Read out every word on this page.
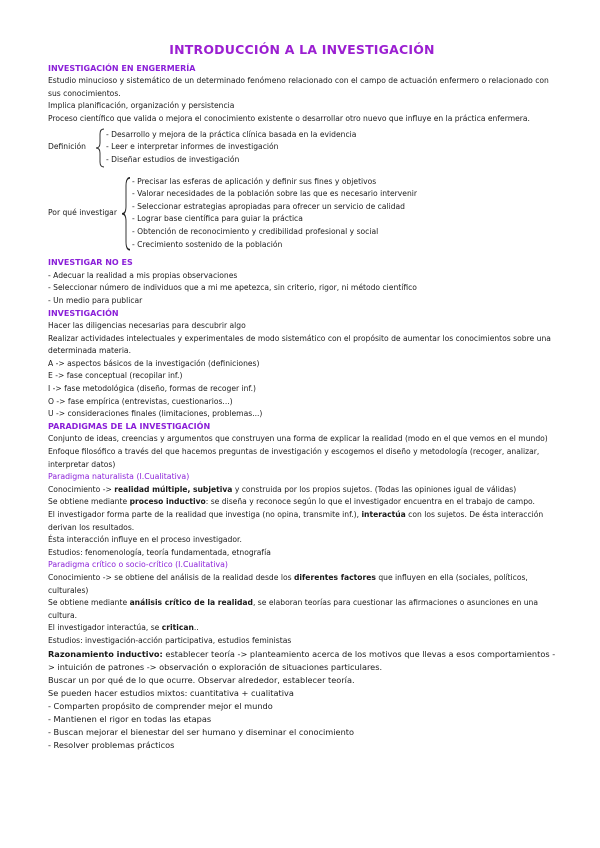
INTRODUCCIÓN A LA INVESTIGACIÓN
INVESTIGACIÓN EN ENGERMERÍA

Estudio minucioso y sistemático de un determinado fenómeno relacionado con el campo de actuación enfermero o relacionado con sus conocimientos.

Implica planificación, organización y persistencia

Proceso científico que valida o mejora el conocimiento existente o desarrollar otro nuevo que influye en la práctica enfermera.

Definición

- Desarrollo y mejora de la práctica clínica basada en la evidencia

- Leer e interpretar informes de investigación

- Diseñar estudios de investigación

Por qué investigar

- Precisar las esferas de aplicación y definir sus fines y objetivos

- Valorar necesidades de la población sobre las que es necesario intervenir

- Seleccionar estrategias apropiadas para ofrecer un servicio de calidad

- Lograr base científica para guiar la práctica

- Obtención de reconocimiento y credibilidad profesional y social

- Crecimiento sostenido de la población

INVESTIGAR NO ES

- Adecuar la realidad a mis propias observaciones

- Seleccionar número de individuos que a mi me apetezca, sin criterio, rigor, ni método científico

- Un medio para publicar

INVESTIGACIÓN

Hacer las diligencias necesarias para descubrir algo

Realizar actividades intelectuales y experimentales de modo sistemático con el propósito de aumentar los conocimientos sobre una determinada materia.

A -> aspectos básicos de la investigación (definiciones)

E -> fase conceptual (recopilar inf.)

I -> fase metodológica (diseño, formas de recoger inf.)

O -> fase empírica (entrevistas, cuestionarios...)

U -> consideraciones finales (limitaciones, problemas...)

PARADIGMAS DE LA INVESTIGACIÓN

Conjunto de ideas, creencias y argumentos que construyen una forma de explicar la realidad (modo en el que vemos en el mundo)

Enfoque filosófico a través del que hacemos preguntas de investigación y escogemos el diseño y metodología (recoger, analizar, interpretar datos)

Paradigma naturalista (I.Cualitativa)

Conocimiento -> realidad múltiple, subjetiva y construida por los propios sujetos. (Todas las opiniones igual de válidas)

Se obtiene mediante proceso inductivo: se diseña y reconoce según lo que el investigador encuentra en el trabajo de campo.

El investigador forma parte de la realidad que investiga (no opina, transmite inf.), interactúa con los sujetos. De ésta interacción derivan los resultados.

Ésta interacción influye en el proceso investigador.

Estudios: fenomenología, teoría fundamentada, etnografía

Paradigma crítico o socio-crítico (I.Cualitativa)

Conocimiento -> se obtiene del análisis de la realidad desde los diferentes factores que influyen en ella (sociales, políticos, culturales)

Se obtiene mediante análisis crítico de la realidad, se elaboran teorías para cuestionar las afirmaciones o asunciones en una cultura.

El investigador interactúa, se critican..

Estudios: investigación-acción participativa, estudios feministas

Razonamiento inductivo: establecer teoría -> planteamiento acerca de los motivos que llevas a esos comportamientos -> intuición de patrones -> observación o exploración de situaciones particulares.

Buscar un por qué de lo que ocurre. Observar alrededor, establecer teoría.

Se pueden hacer estudios mixtos: cuantitativa + cualitativa

- Comparten propósito de comprender mejor el mundo

- Mantienen el rigor en todas las etapas

- Buscan mejorar el bienestar del ser humano y diseminar el conocimiento

- Resolver problemas prácticos
